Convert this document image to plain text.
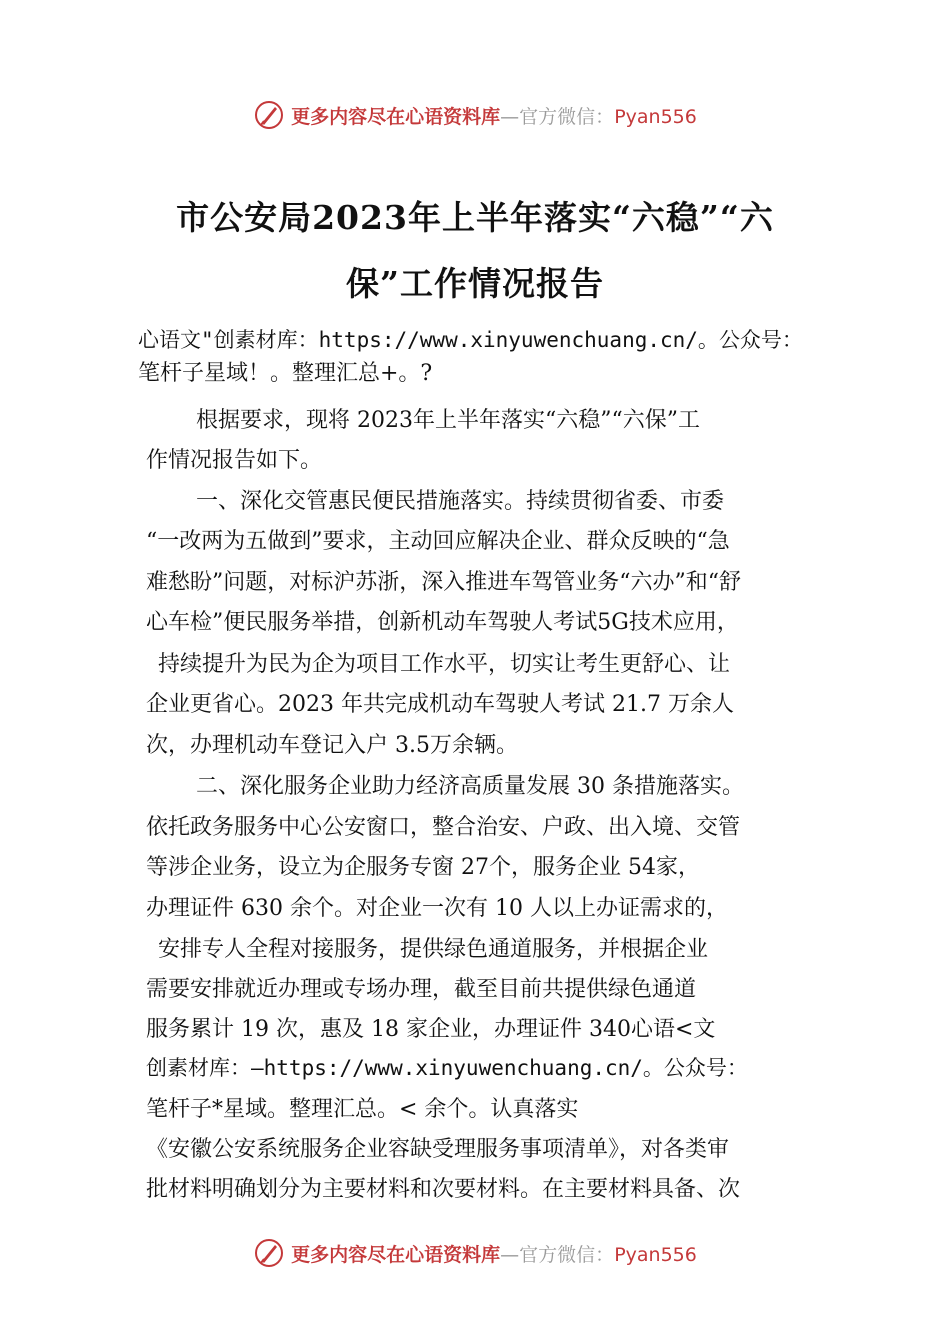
更多内容尽在心语资料库—官方微信：Pyan556
市公安局2023年上半年落实“六稳”“六
保”工作情况报告
心语文"创素材库：https://www.xinyuwenchuang.cn/。公众号：
笔杆子星域！。整理汇总+。?
根据要求，现将 2023年上半年落实“六稳”“六保”工
作情况报告如下。
一、深化交管惠民便民措施落实。持续贯彻省委、市委
“一改两为五做到”要求，主动回应解决企业、群众反映的“急
难愁盼”问题，对标沪苏浙，深入推进车驾管业务“六办”和“舒
心车检”便民服务举措，创新机动车驾驶人考试5G技术应用，
持续提升为民为企为项目工作水平，切实让考生更舒心、让
企业更省心。2023 年共完成机动车驾驶人考试 21.7 万余人
次，办理机动车登记入户 3.5万余辆。
二、深化服务企业助力经济高质量发展 30 条措施落实。
依托政务服务中心公安窗口，整合治安、户政、出入境、交管
等涉企业务，设立为企服务专窗 27个，服务企业 54家，
办理证件 630 余个。对企业一次有 10 人以上办证需求的，
安排专人全程对接服务，提供绿色通道服务，并根据企业
需要安排就近办理或专场办理，截至目前共提供绿色通道
服务累计 19 次，惠及 18 家企业，办理证件 340心语<文
创素材库：—https://www.xinyuwenchuang.cn/。公众号：
笔杆子*星域。整理汇总。< 余个。认真落实
《安徽公安系统服务企业容缺受理服务事项清单》，对各类审
批材料明确划分为主要材料和次要材料。在主要材料具备、次
更多内容尽在心语资料库—官方微信：Pyan556
